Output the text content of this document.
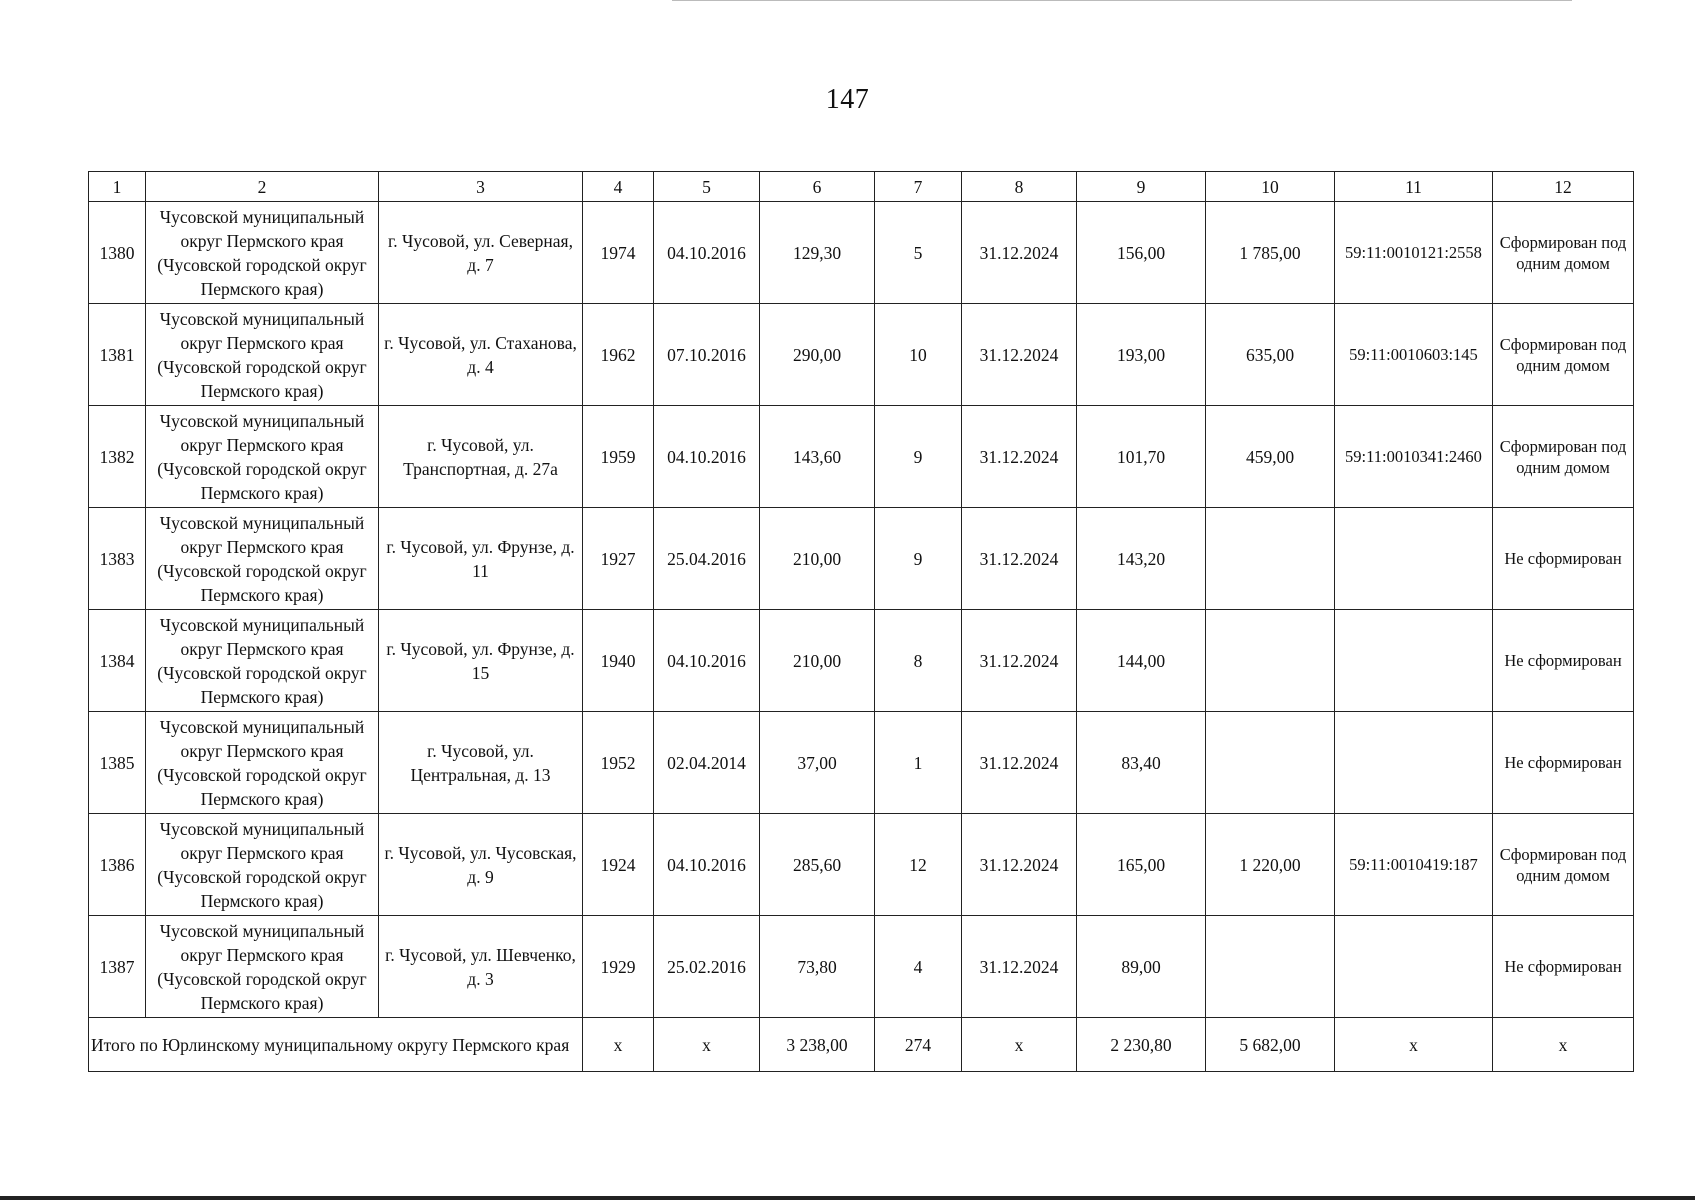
147
1	2	3	4	5	6	7	8	9	10	11	12
1380	Чусовской муниципальный округ Пермского края (Чусовской городской округ Пермского края)	г. Чусовой, ул. Северная, д. 7	1974	04.10.2016	129,30	5	31.12.2024	156,00	1 785,00	59:11:0010121:2558	Сформирован под одним домом
1381	Чусовской муниципальный округ Пермского края (Чусовской городской округ Пермского края)	г. Чусовой, ул. Стаханова, д. 4	1962	07.10.2016	290,00	10	31.12.2024	193,00	635,00	59:11:0010603:145	Сформирован под одним домом
1382	Чусовской муниципальный округ Пермского края (Чусовской городской округ Пермского края)	г. Чусовой, ул. Транспортная, д. 27а	1959	04.10.2016	143,60	9	31.12.2024	101,70	459,00	59:11:0010341:2460	Сформирован под одним домом
1383	Чусовской муниципальный округ Пермского края (Чусовской городской округ Пермского края)	г. Чусовой, ул. Фрунзе, д. 11	1927	25.04.2016	210,00	9	31.12.2024	143,20			Не сформирован
1384	Чусовской муниципальный округ Пермского края (Чусовской городской округ Пермского края)	г. Чусовой, ул. Фрунзе, д. 15	1940	04.10.2016	210,00	8	31.12.2024	144,00			Не сформирован
1385	Чусовской муниципальный округ Пермского края (Чусовской городской округ Пермского края)	г. Чусовой, ул. Центральная, д. 13	1952	02.04.2014	37,00	1	31.12.2024	83,40			Не сформирован
1386	Чусовской муниципальный округ Пермского края (Чусовской городской округ Пермского края)	г. Чусовой, ул. Чусовская, д. 9	1924	04.10.2016	285,60	12	31.12.2024	165,00	1 220,00	59:11:0010419:187	Сформирован под одним домом
1387	Чусовской муниципальный округ Пермского края (Чусовской городской округ Пермского края)	г. Чусовой, ул. Шевченко, д. 3	1929	25.02.2016	73,80	4	31.12.2024	89,00			Не сформирован
Итого по Юрлинскому муниципальному округу Пермского края			х	х	3 238,00	274	х	2 230,80	5 682,00	х	х
